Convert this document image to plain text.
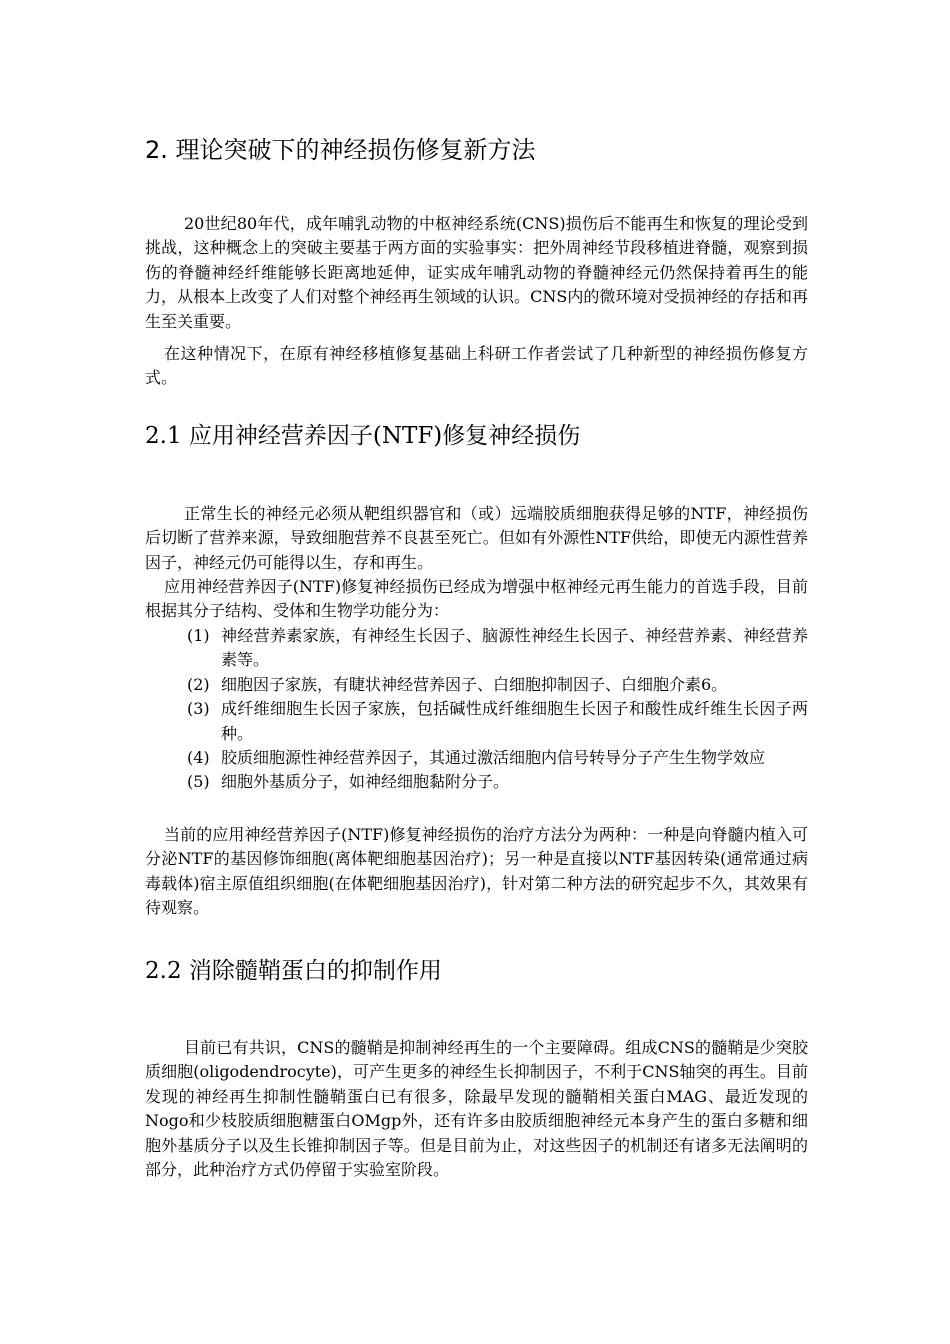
2. 理论突破下的神经损伤修复新方法

20世纪80年代，成年哺乳动物的中枢神经系统(CNS)损伤后不能再生和恢复的理论受到挑战，这种概念上的突破主要基于两方面的实验事实：把外周神经节段移植进脊髓，观察到损伤的脊髓神经纤维能够长距离地延伸，证实成年哺乳动物的脊髓神经元仍然保持着再生的能力，从根本上改变了人们对整个神经再生领域的认识。CNS内的微环境对受损神经的存括和再生至关重要。

在这种情况下，在原有神经移植修复基础上科研工作者尝试了几种新型的神经损伤修复方式。

2.1 应用神经营养因子(NTF)修复神经损伤

正常生长的神经元必须从靶组织器官和（或）远端胶质细胞获得足够的NTF，神经损伤后切断了营养来源，导致细胞营养不良甚至死亡。但如有外源性NTF供给，即使无内源性营养因子，神经元仍可能得以生，存和再生。

应用神经营养因子(NTF)修复神经损伤已经成为增强中枢神经元再生能力的首选手段，目前根据其分子结构、受体和生物学功能分为：

(1) 神经营养素家族，有神经生长因子、脑源性神经生长因子、神经营养素、神经营养素等。
(2) 细胞因子家族，有睫状神经营养因子、白细胞抑制因子、白细胞介素6。
(3) 成纤维细胞生长因子家族，包括碱性成纤维细胞生长因子和酸性成纤维生长因子两种。
(4) 胶质细胞源性神经营养因子，其通过激活细胞内信号转导分子产生生物学效应
(5) 细胞外基质分子，如神经细胞黏附分子。

当前的应用神经营养因子(NTF)修复神经损伤的治疗方法分为两种：一种是向脊髓内植入可分泌NTF的基因修饰细胞(离体靶细胞基因治疗)；另一种是直接以NTF基因转染(通常通过病毒载体)宿主原值组织细胞(在体靶细胞基因治疗)，针对第二种方法的研究起步不久，其效果有待观察。

2.2 消除髓鞘蛋白的抑制作用

目前已有共识，CNS的髓鞘是抑制神经再生的一个主要障碍。组成CNS的髓鞘是少突胶质细胞(oligodendrocyte)，可产生更多的神经生长抑制因子，不利于CNS轴突的再生。目前发现的神经再生抑制性髓鞘蛋白已有很多，除最早发现的髓鞘相关蛋白MAG、最近发现的Nogo和少枝胶质细胞糖蛋白OMgp外，还有许多由胶质细胞神经元本身产生的蛋白多糖和细胞外基质分子以及生长锥抑制因子等。但是目前为止，对这些因子的机制还有诸多无法阐明的部分，此种治疗方式仍停留于实验室阶段。
